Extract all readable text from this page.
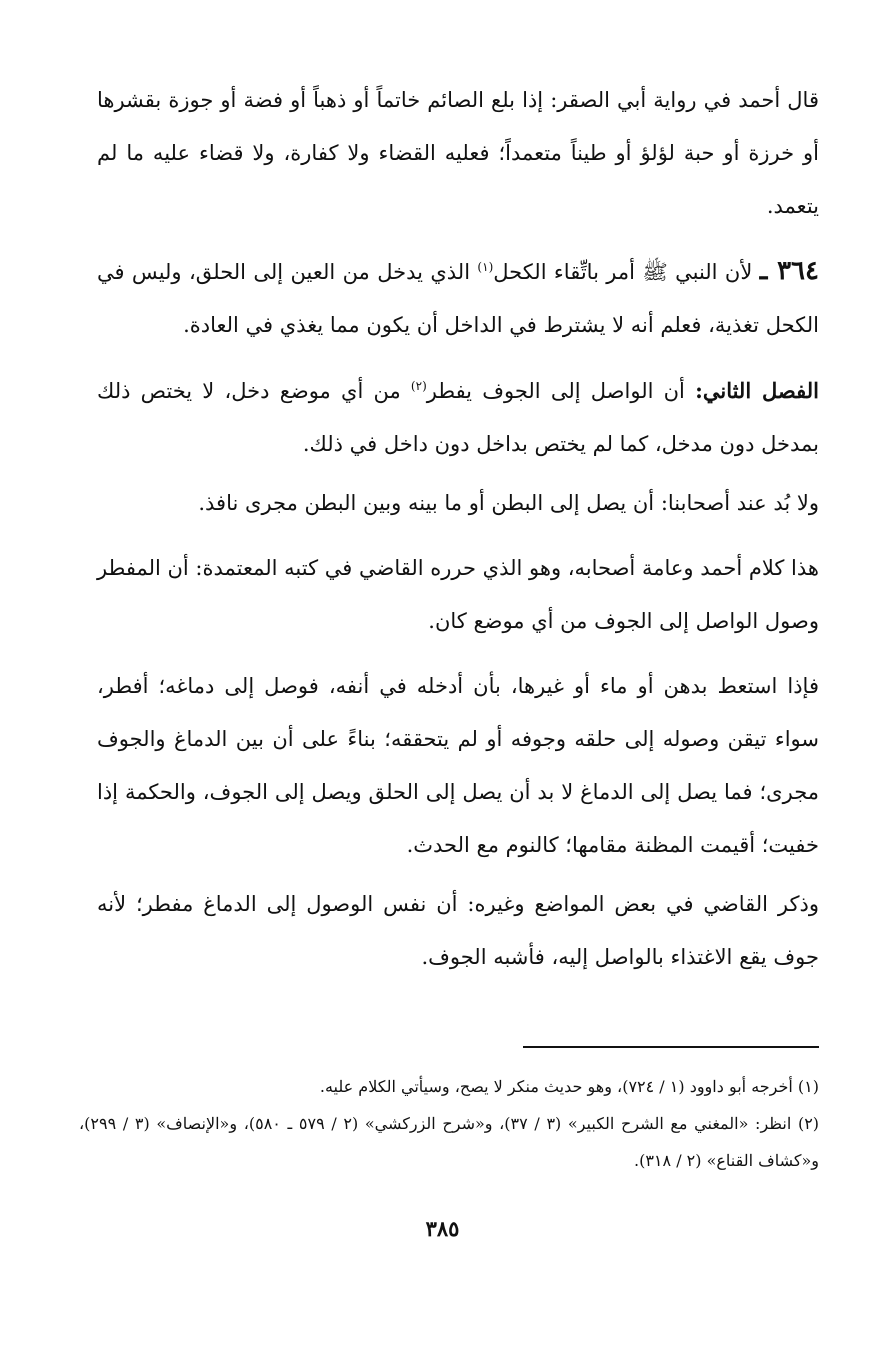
قال أحمد في رواية أبي الصقر: إذا بلع الصائم خاتماً أو ذهباً أو فضة أو جوزة بقشرها أو خرزة أو حبة لؤلؤ أو طيناً متعمداً؛ فعليه القضاء ولا كفارة، ولا قضاء عليه ما لم يتعمد.

٣٦٤ ـ لأن النبي ﷺ أمر باتِّقاء الكحل$^{(١)}$ الذي يدخل من العين إلى الحلق، وليس في الكحل تغذية، فعلم أنه لا يشترط في الداخل أن يكون مما يغذي في العادة.

الفصل الثاني: أن الواصل إلى الجوف يفطر$^{(٢)}$ من أي موضع دخل، لا يختص ذلك بمدخل دون مدخل، كما لم يختص بداخل دون داخل في ذلك.

ولا بُد عند أصحابنا: أن يصل إلى البطن أو ما بينه وبين البطن مجرى نافذ.

هذا كلام أحمد وعامة أصحابه، وهو الذي حرره القاضي في كتبه المعتمدة: أن المفطر وصول الواصل إلى الجوف من أي موضع كان.

فإذا استعط بدهن أو ماء أو غيرها، بأن أدخله في أنفه، فوصل إلى دماغه؛ أفطر، سواء تيقن وصوله إلى حلقه وجوفه أو لم يتحققه؛ بناءً على أن بين الدماغ والجوف مجرى؛ فما يصل إلى الدماغ لا بد أن يصل إلى الحلق ويصل إلى الجوف، والحكمة إذا خفيت؛ أقيمت المظنة مقامها؛ كالنوم مع الحدث.

وذكر القاضي في بعض المواضع وغيره: أن نفس الوصول إلى الدماغ مفطر؛ لأنه جوف يقع الاغتذاء بالواصل إليه، فأشبه الجوف.

(١) أخرجه أبو داوود (١ / ٧٢٤)، وهو حديث منكر لا يصح، وسيأتي الكلام عليه.

(٢) انظر: «المغني مع الشرح الكبير» (٣ / ٣٧)، و«شرح الزركشي» (٢ / ٥٧٩ ـ ٥٨٠)، و«الإنصاف» (٣ / ٢٩٩)، و«كشاف القناع» (٢ / ٣١٨).

٣٨٥
